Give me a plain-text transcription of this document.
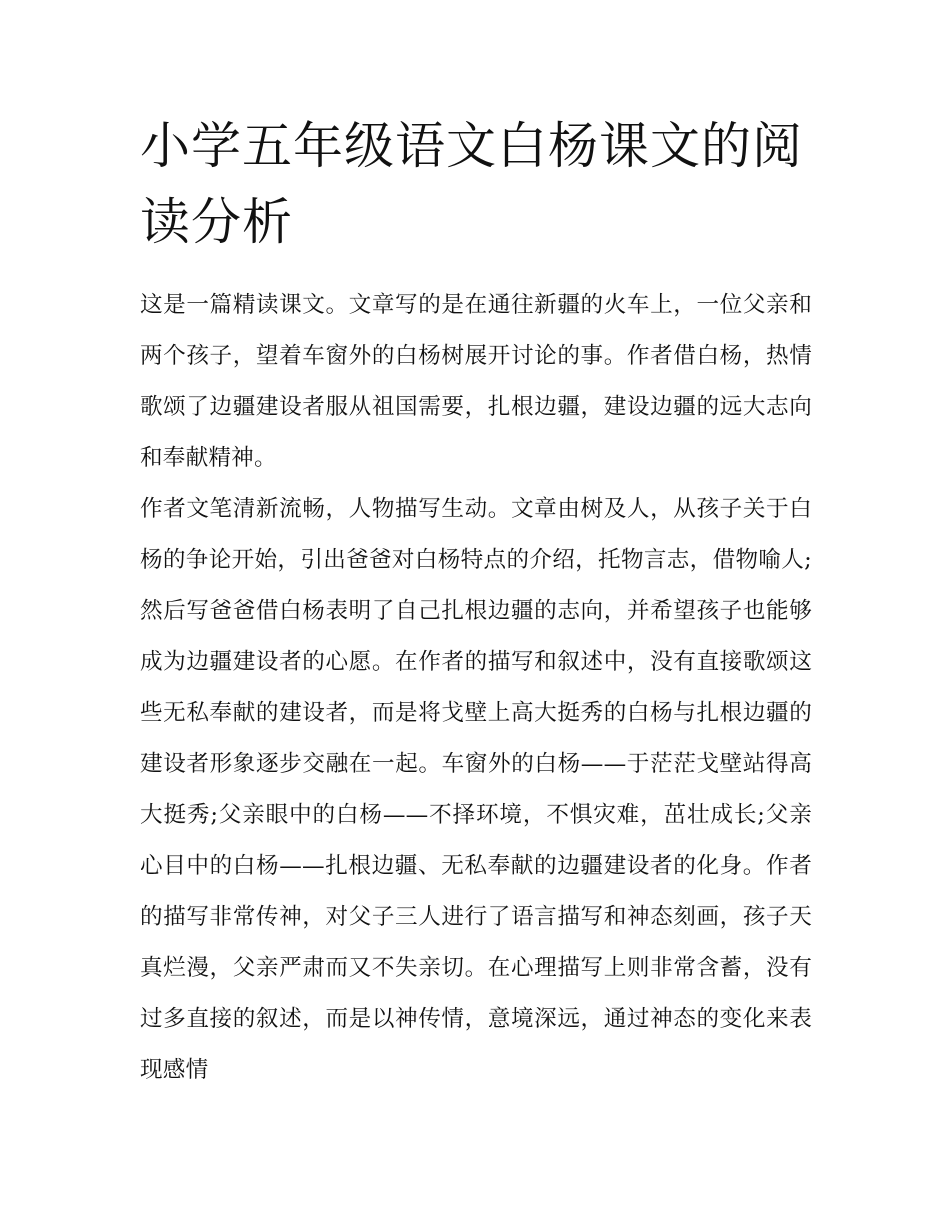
小学五年级语文白杨课文的阅读分析

这是一篇精读课文。文章写的是在通往新疆的火车上，一位父亲和两个孩子，望着车窗外的白杨树展开讨论的事。作者借白杨，热情歌颂了边疆建设者服从祖国需要，扎根边疆，建设边疆的远大志向和奉献精神。

作者文笔清新流畅，人物描写生动。文章由树及人，从孩子关于白杨的争论开始，引出爸爸对白杨特点的介绍，托物言志，借物喻人;然后写爸爸借白杨表明了自己扎根边疆的志向，并希望孩子也能够成为边疆建设者的心愿。在作者的描写和叙述中，没有直接歌颂这些无私奉献的建设者，而是将戈壁上高大挺秀的白杨与扎根边疆的建设者形象逐步交融在一起。车窗外的白杨——于茫茫戈壁站得高大挺秀;父亲眼中的白杨——不择环境，不惧灾难，茁壮成长;父亲心目中的白杨——扎根边疆、无私奉献的边疆建设者的化身。作者的描写非常传神，对父子三人进行了语言描写和神态刻画，孩子天真烂漫，父亲严肃而又不失亲切。在心理描写上则非常含蓄，没有过多直接的叙述，而是以神传情，意境深远，通过神态的变化来表现感情
